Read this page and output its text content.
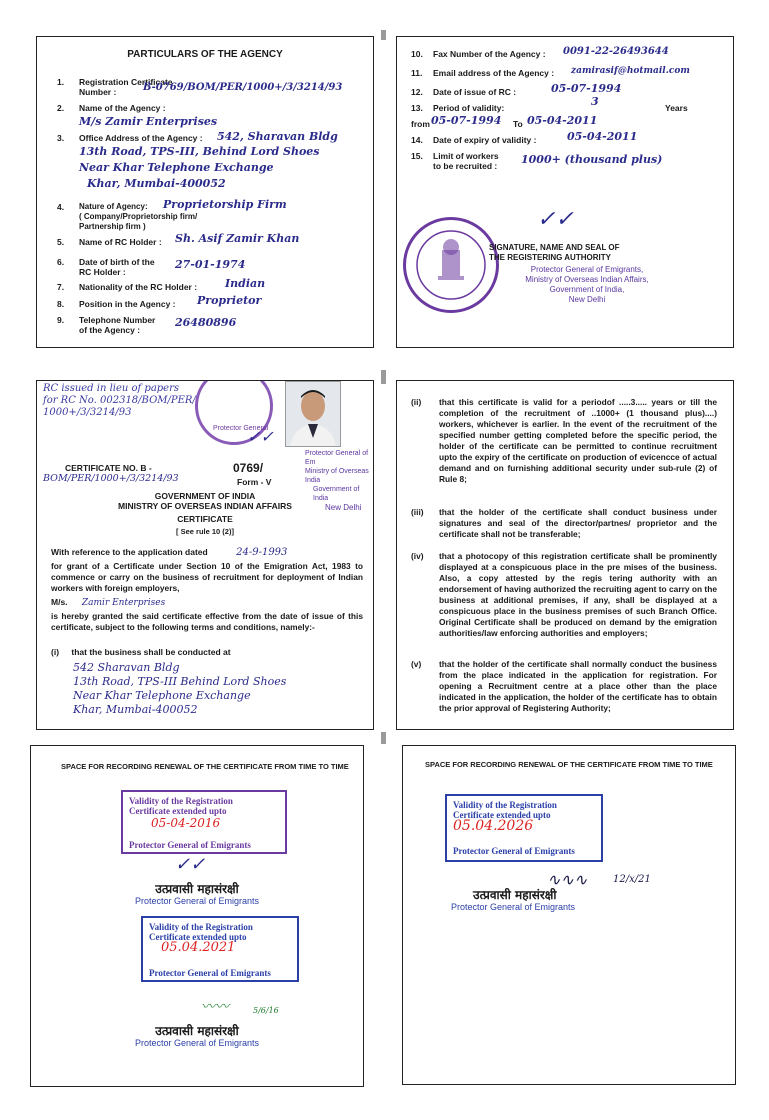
PARTICULARS OF THE AGENCY
1.	Registration Certificate
Number :	B-0769/BOM/PER/1000+/3/3214/93
2.	Name of the Agency :
M/s Zamir Enterprises
3.	Office Address of the Agency : 542, Sharavan Bldg
13th Road, TPS-III, Behind Lord Shoes
Near Khar Telephone Exchange
Khar, Mumbai-400052
4.	Nature of Agency:
( Company/Proprietorship firm/
Partnership firm )
Proprietorship Firm
5.	Name of RC Holder : Sh. Asif Zamir Khan
6.	Date of birth of the
RC Holder :
27-01-1974
7.	Nationality of the RC Holder :	Indian
8.	Position in the Agency : Proprietor
9.	Telephone Number
of the Agency :
26480896
10.	Fax Number of the Agency : 0091-22-26493644
11.	Email address of the Agency : zamirasif@hotmail.com
12.	Date of issue of RC :	05-07-1994
13.	Period of validity:	3	Years
from 05-07-1994 To 05-04-2011
14.	Date of expiry of validity :	05-04-2011
15.	Limit of workers
to be recruited : 1000+ (thousand plus)
✓✓
SIGNATURE, NAME AND SEAL OF
THE REGISTERING AUTHORITY
Protector General of Emigrants,
Ministry of Overseas Indian Affairs,
Government of India,
New Delhi
RC issued in lieu of papers
for RC No. 002318/BOM/PER/
1000+/3/3214/93
Protector General
Protector General of Em
Ministry of Overseas India
Government of India
New Delhi
✓✓
CERTIFICATE NO. B -
BOM/PER/1000+/3/3214/93
0769/
Form - V
GOVERNMENT OF INDIA
MINISTRY OF OVERSEAS INDIAN AFFAIRS
CERTIFICATE
[ See rule 10 (2)]
With reference to the application dated	24-9-1993

for grant of a Certificate under Section 10 of the Emigration Act, 1983 to commence or carry on the business of recruitment for deployment of Indian workers with foreign employers,

M/s. Zamir Enterprises

is hereby granted the said certificate effective from the date of issue of this certificate, subject to the following terms and conditions, namely:-

(i) that the business shall be conducted at
542 Sharavan Bldg
13th Road, TPS-III Behind Lord Shoes
Near Khar Telephone Exchange
Khar, Mumbai-400052
(ii) that this certificate is valid for a periodof .....3..... years or till the completion of the recruitment of ..1000+ (1 thousand plus)....) workers, whichever is earlier. In the event of the recruitment of the specified number getting completed before the specific period, the holder of the certificate can be permitted to continue recruitment upto the expiry of the certificate on production of evicencce of actual demand and on furnishing additional security under sub-rule (2) of Rule 8;

(iii) that the holder of the certificate shall conduct business under signatures and seal of the director/partnes/ proprietor and the certificate shall not be transferable;

(iv) that a photocopy of this registration certificate shall be prominently displayed at a conspicuous place in the pre mises of the business. Also, a copy attested by the regis tering authority with an endorsement of having authorized the recruiting agent to carry on the business at additional premises, if any, shall be displayed at a conspicuous place in the business premises of such Branch Office. Original Certificate shall be produced on demand by the emigration authorities/law enforcing authorities and employers;

(v) that the holder of the certificate shall normally conduct the business from the place indicated in the application for registration. For opening a Recruitment centre at a place other than the place indicated in the application, the holder of the certificate has to obtain the prior approval of Registering Authority;

SPACE FOR RECORDING RENEWAL OF THE CERTIFICATE FROM TIME TO TIME
Validity of the Registration
Certificate extended upto
05-04-2016
Protector General of Emigrants
✓✓
उत्प्रवासी महासंरक्षी
Protector General of Emigrants
Validity of the Registration
Certificate extended upto
05.04.2021
Protector General of Emigrants
〰〰	5/6/16
उत्प्रवासी महासंरक्षी
Protector General of Emigrants
SPACE FOR RECORDING RENEWAL OF THE CERTIFICATE FROM TIME TO TIME
Validity of the Registration
Certificate extended upto
05.04.2026
Protector General of Emigrants
∿∿∿	12/x/21
उत्प्रवासी महासंरक्षी
Protector General of Emigrants
